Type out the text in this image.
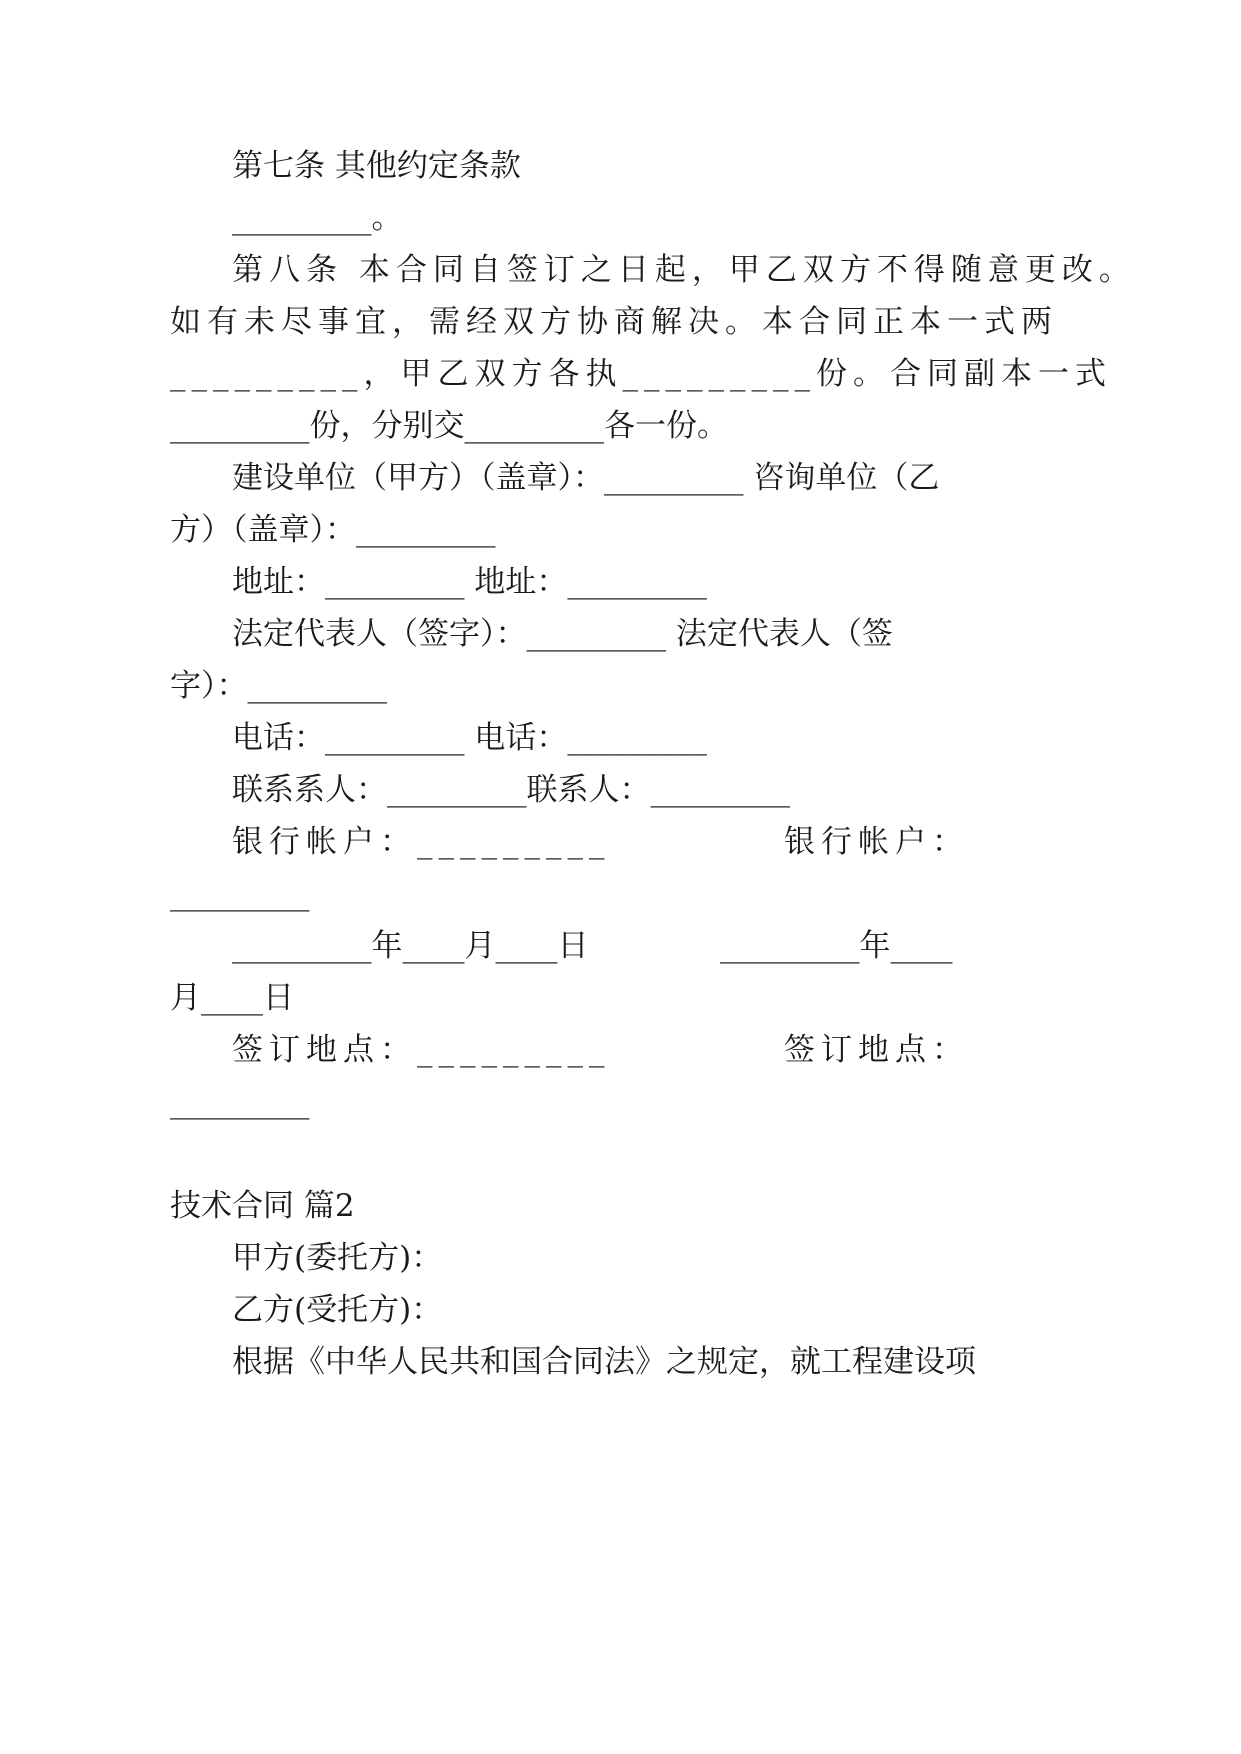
第七条 其他约定条款
_________。
第八条 本合同自签订之日起，甲乙双方不得随意更改。
如有未尽事宜，需经双方协商解决。本合同正本一式两
_________，甲乙双方各执_________份。合同副本一式
_________份，分别交_________各一份。
建设单位（甲方）（盖章）：_________ 咨询单位（乙
方）（盖章）：_________
地址：_________ 地址：_________
法定代表人（签字）：_________ 法定代表人（签
字）：_________
电话：_________ 电话：_________
联系系人：_________联系人：_________
银行帐户：_________	银行帐户：
_________
_________年____月____日	_________年____
月____日
签订地点：_________	签订地点：
_________
技术合同 篇2
甲方(委托方)：
乙方(受托方)：
根据《中华人民共和国合同法》之规定，就工程建设项
